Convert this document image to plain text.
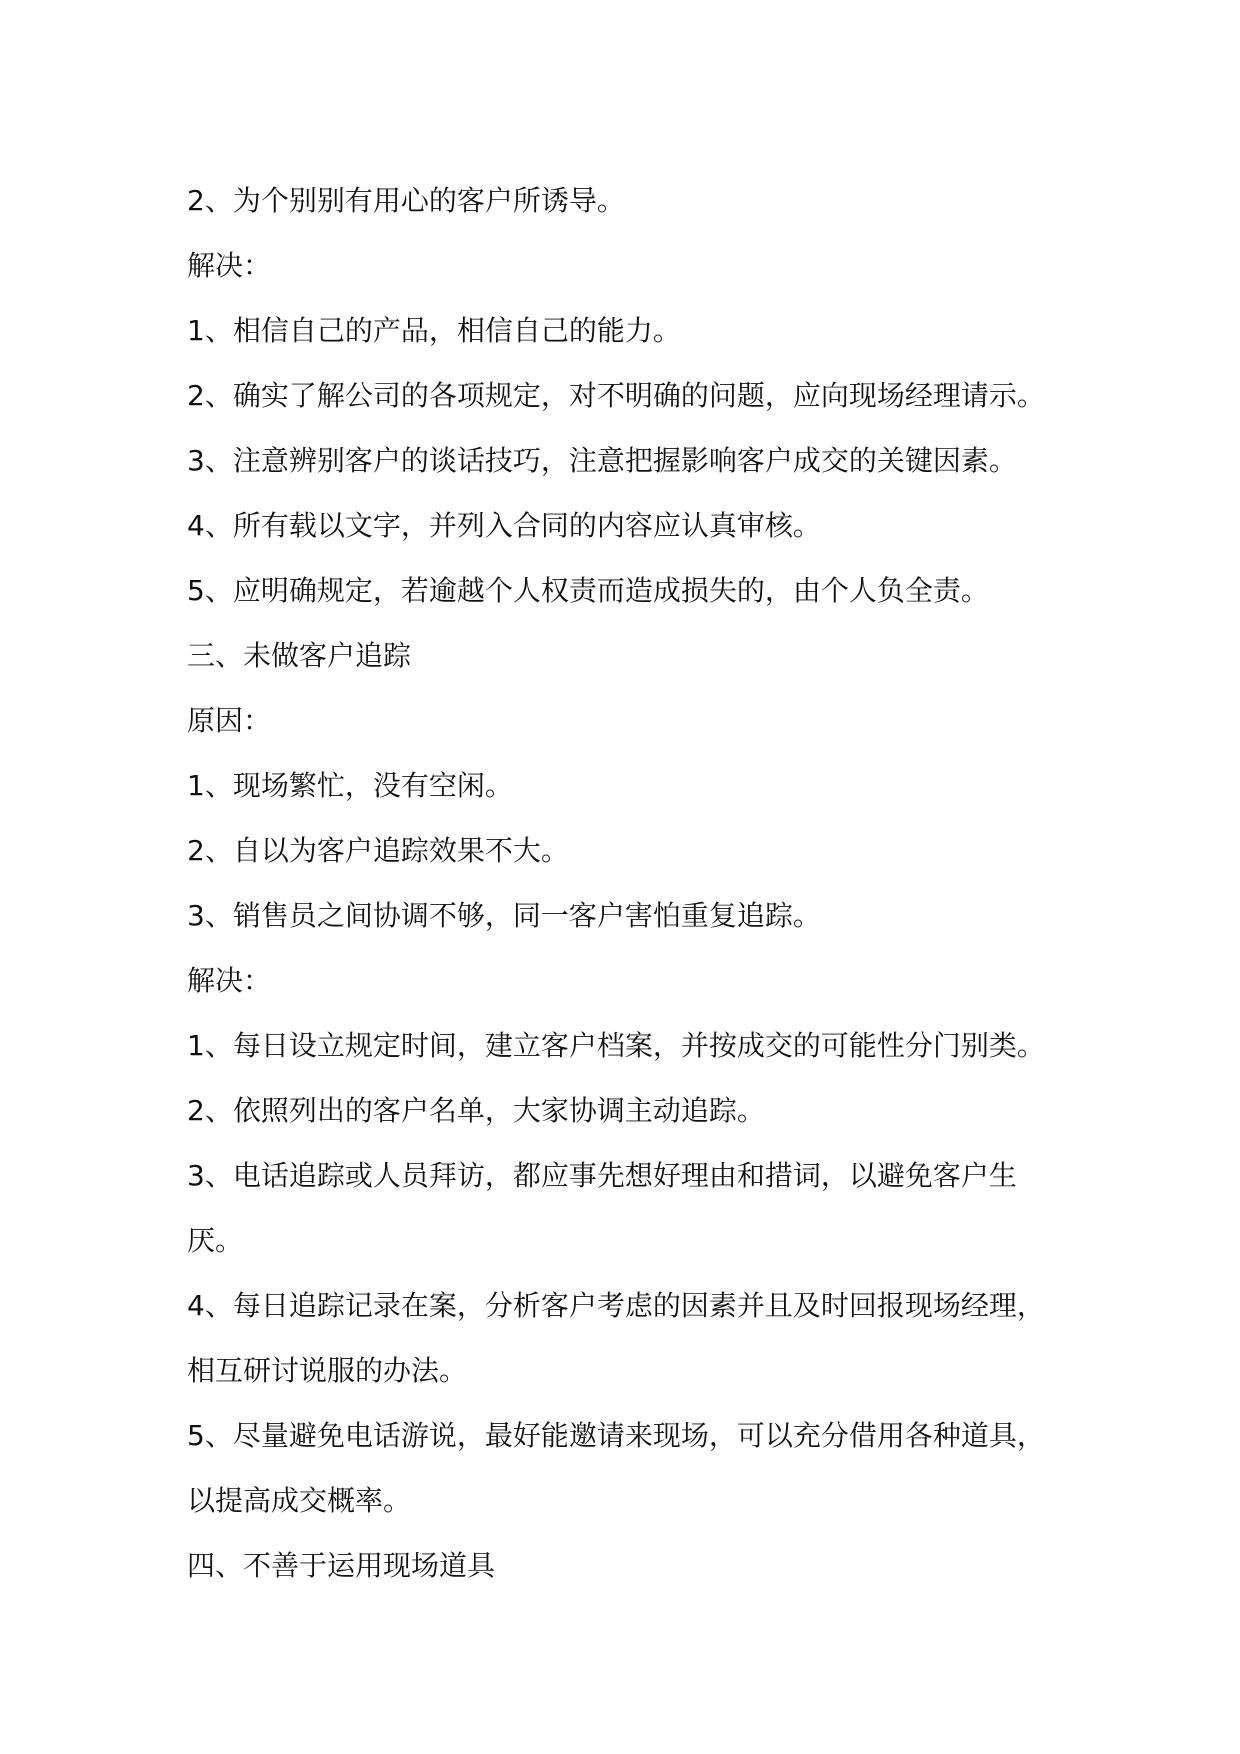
2、为个别别有用心的客户所诱导。
解决：
1、相信自己的产品，相信自己的能力。
2、确实了解公司的各项规定，对不明确的问题，应向现场经理请示。
3、注意辨别客户的谈话技巧，注意把握影响客户成交的关键因素。
4、所有载以文字，并列入合同的内容应认真审核。
5、应明确规定，若逾越个人权责而造成损失的，由个人负全责。
三、未做客户追踪
原因：
1、现场繁忙，没有空闲。
2、自以为客户追踪效果不大。
3、销售员之间协调不够，同一客户害怕重复追踪。
解决：
1、每日设立规定时间，建立客户档案，并按成交的可能性分门别类。
2、依照列出的客户名单，大家协调主动追踪。
3、电话追踪或人员拜访，都应事先想好理由和措词，以避免客户生
厌。
4、每日追踪记录在案，分析客户考虑的因素并且及时回报现场经理，
相互研讨说服的办法。
5、尽量避免电话游说，最好能邀请来现场，可以充分借用各种道具，
以提高成交概率。
四、不善于运用现场道具
